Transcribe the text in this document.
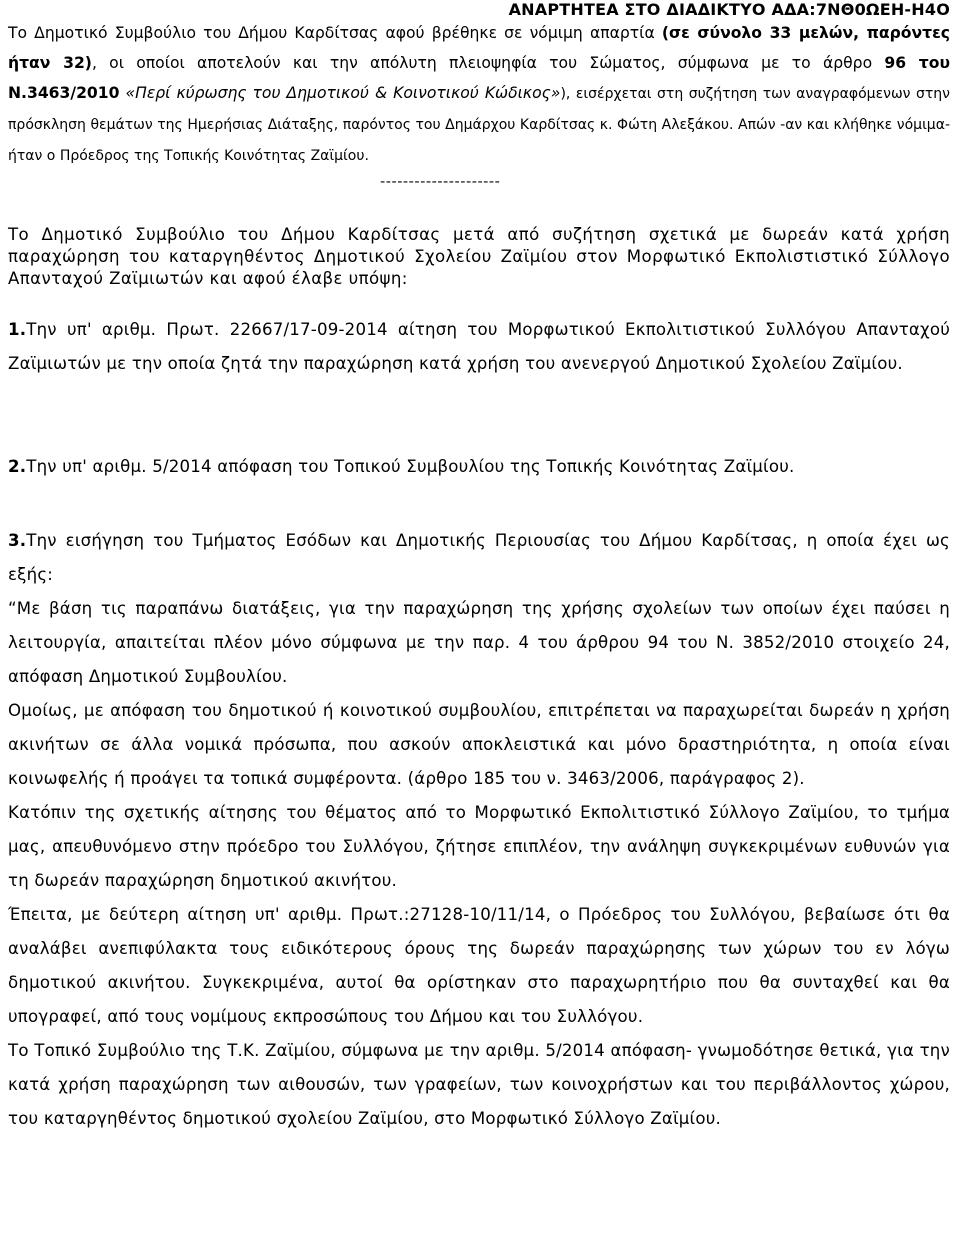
ΑΝΑΡΤΗΤΕΑ ΣΤΟ ΔΙΑΔΙΚΤΥΟ ΑΔΑ:7ΝΘ0ΩΕΗ-Η4Ο
Το Δημοτικό Συμβούλιο του Δήμου Καρδίτσας αφού βρέθηκε σε νόμιμη απαρτία (σε σύνολο 33 μελών, παρόντες ήταν 32), οι οποίοι αποτελούν και την απόλυτη πλειοψηφία του Σώματος, σύμφωνα με το άρθρο 96 του Ν.3463/2010 «Περί κύρωσης του Δημοτικού & Κοινοτικού Κώδικος»), εισέρχεται στη συζήτηση των αναγραφόμενων στην πρόσκληση θεμάτων της Ημερήσιας Διάταξης, παρόντος του Δημάρχου Καρδίτσας κ. Φώτη Αλεξάκου. Απών -αν και κλήθηκε νόμιμα- ήταν ο Πρόεδρος της Τοπικής Κοινότητας Ζαϊμίου.
---------------------
Το Δημοτικό Συμβούλιο του Δήμου Καρδίτσας μετά από συζήτηση σχετικά με δωρεάν κατά χρήση παραχώρηση του καταργηθέντος Δημοτικού Σχολείου Ζαϊμίου στον Μορφωτικό Εκπολιστιστικό Σύλλογο Απανταχού Ζαϊμιωτών και αφού έλαβε υπόψη:
1.Την υπ' αριθμ. Πρωτ. 22667/17-09-2014 αίτηση του Μορφωτικού Εκπολιτιστικού Συλλόγου Απανταχού Ζαϊμιωτών με την οποία ζητά την παραχώρηση κατά χρήση του ανενεργού Δημοτικού Σχολείου Ζαϊμίου.
2.Την υπ' αριθμ. 5/2014 απόφαση του Τοπικού Συμβουλίου της Τοπικής Κοινότητας Ζαϊμίου.

3.Την εισήγηση του Τμήματος Εσόδων και Δημοτικής Περιουσίας του Δήμου Καρδίτσας, η οποία έχει ως εξής:

“Με βάση τις παραπάνω διατάξεις, για την παραχώρηση της χρήσης σχολείων των οποίων έχει παύσει η λειτουργία, απαιτείται πλέον μόνο σύμφωνα με την παρ. 4 του άρθρου 94 του Ν. 3852/2010 στοιχείο 24, απόφαση Δημοτικού Συμβουλίου.

Ομοίως, με απόφαση του δημοτικού ή κοινοτικού συμβουλίου, επιτρέπεται να παραχωρείται δωρεάν η χρήση ακινήτων σε άλλα νομικά πρόσωπα, που ασκούν αποκλειστικά και μόνο δραστηριότητα, η οποία είναι κοινωφελής ή προάγει τα τοπικά συμφέροντα. (άρθρο 185 του ν. 3463/2006, παράγραφος 2).

Κατόπιν της σχετικής αίτησης του θέματος από το Μορφωτικό Εκπολιτιστικό Σύλλογο Ζαϊμίου, το τμήμα μας, απευθυνόμενο στην πρόεδρο του Συλλόγου, ζήτησε επιπλέον, την ανάληψη συγκεκριμένων ευθυνών για τη δωρεάν παραχώρηση δημοτικού ακινήτου.

Έπειτα, με δεύτερη αίτηση υπ' αριθμ. Πρωτ.:27128-10/11/14, ο Πρόεδρος του Συλλόγου, βεβαίωσε ότι θα αναλάβει ανεπιφύλακτα τους ειδικότερους όρους της δωρεάν παραχώρησης των χώρων του εν λόγω δημοτικού ακινήτου. Συγκεκριμένα, αυτοί θα ορίστηκαν στο παραχωρητήριο που θα συνταχθεί και θα υπογραφεί, από τους νομίμους εκπροσώπους του Δήμου και του Συλλόγου.

Το Τοπικό Συμβούλιο της Τ.Κ. Ζαϊμίου, σύμφωνα με την αριθμ. 5/2014 απόφαση- γνωμοδότησε θετικά, για την κατά χρήση παραχώρηση των αιθουσών, των γραφείων, των κοινοχρήστων και του περιβάλλοντος χώρου, του καταργηθέντος δημοτικού σχολείου Ζαϊμίου, στο Μορφωτικό Σύλλογο Ζαϊμίου.
